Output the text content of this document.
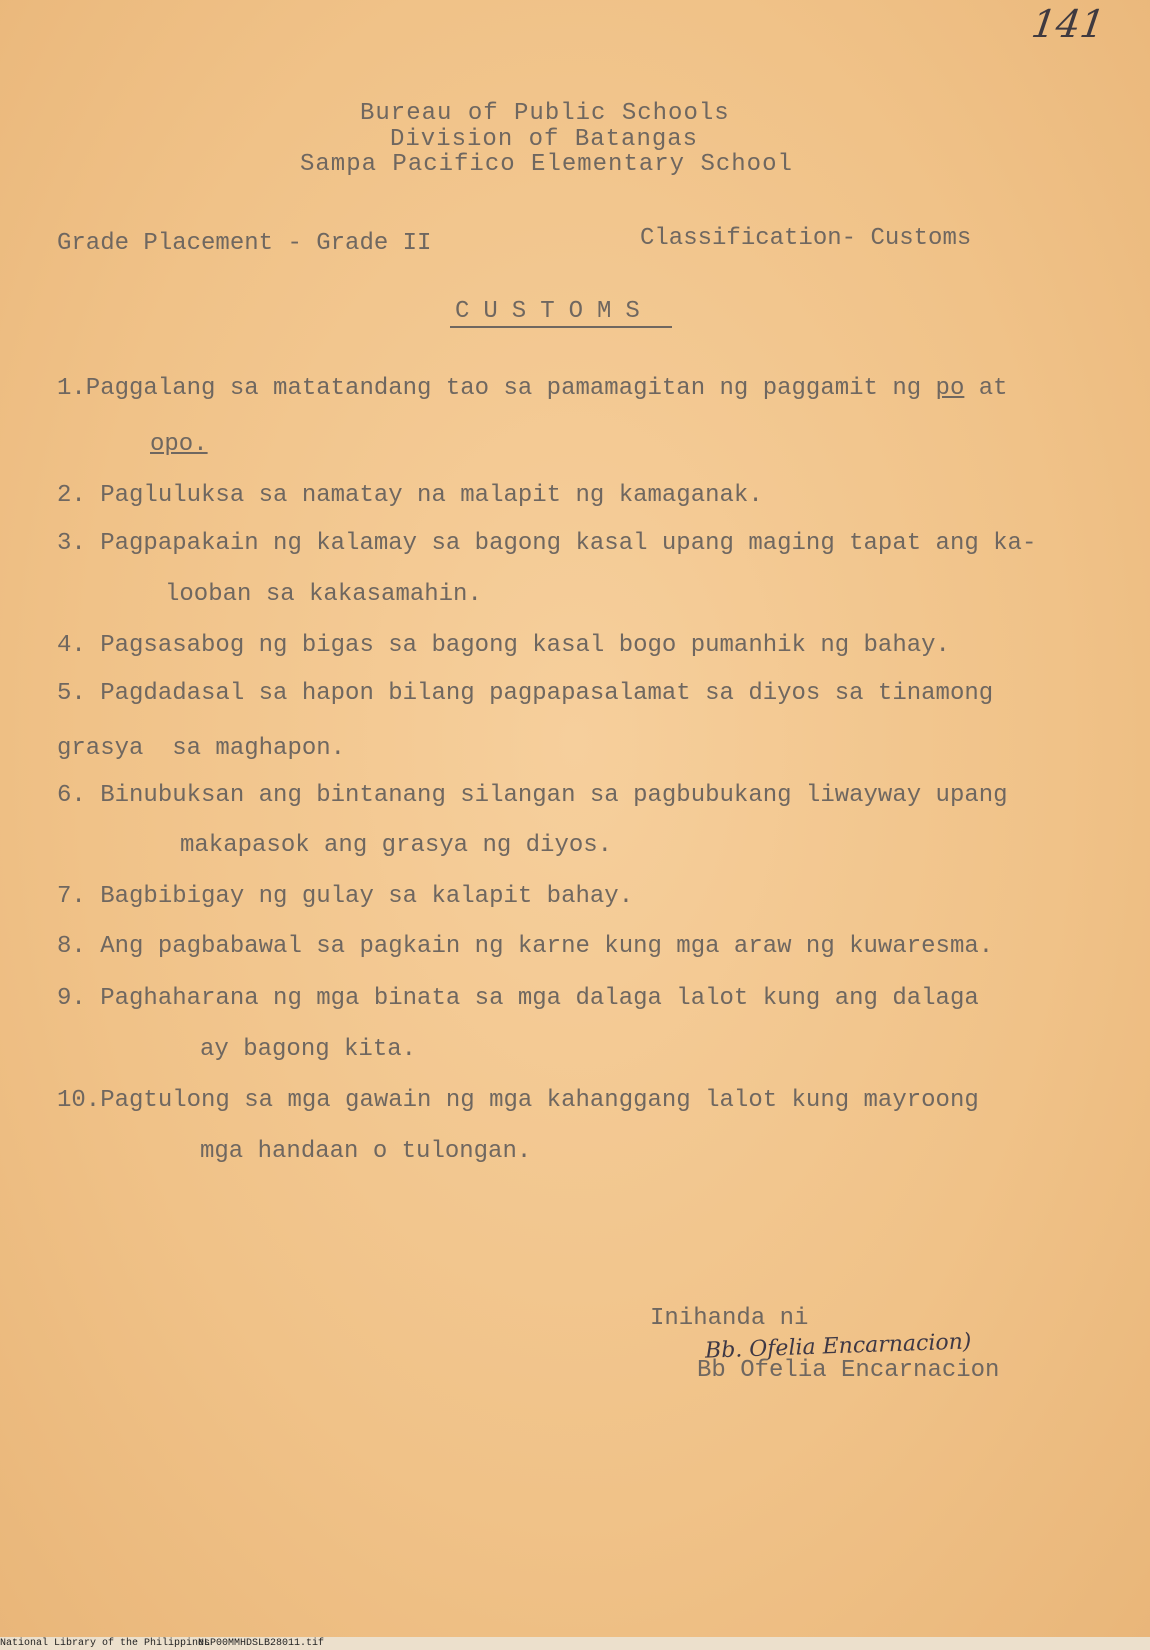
141
Bureau of Public Schools
Division of Batangas
Sampa Pacifico Elementary School
Grade Placement - Grade II	Classification- Customs
CUSTOMS
1.Paggalang sa matatandang tao sa pamamagitan ng paggamit ng po at
opo.
2. Pagluluksa sa namatay na malapit ng kamaganak.
3. Pagpapakain ng kalamay sa bagong kasal upang maging tapat ang ka-
looban sa kakasamahin.
4. Pagsasabog ng bigas sa bagong kasal bogo pumanhik ng bahay.
5. Pagdadasal sa hapon bilang pagpapasalamat sa diyos sa tinamong
grasya  sa maghapon.
6. Binubuksan ang bintanang silangan sa pagbubukang liwayway upang
makapasok ang grasya ng diyos.
7. Bagbibigay ng gulay sa kalapit bahay.
8. Ang pagbabawal sa pagkain ng karne kung mga araw ng kuwaresma.
9. Paghaharana ng mga binata sa mga dalaga lalot kung ang dalaga
ay bagong kita.
10.Pagtulong sa mga gawain ng mga kahanggang lalot kung mayroong
mga handaan o tulongan.
Inihanda ni
Bb. Ofelia Encarnacion)
Bb Ofelia Encarnacion
National Library of the Philippines
NLP00MMHDSLB28011.tif
